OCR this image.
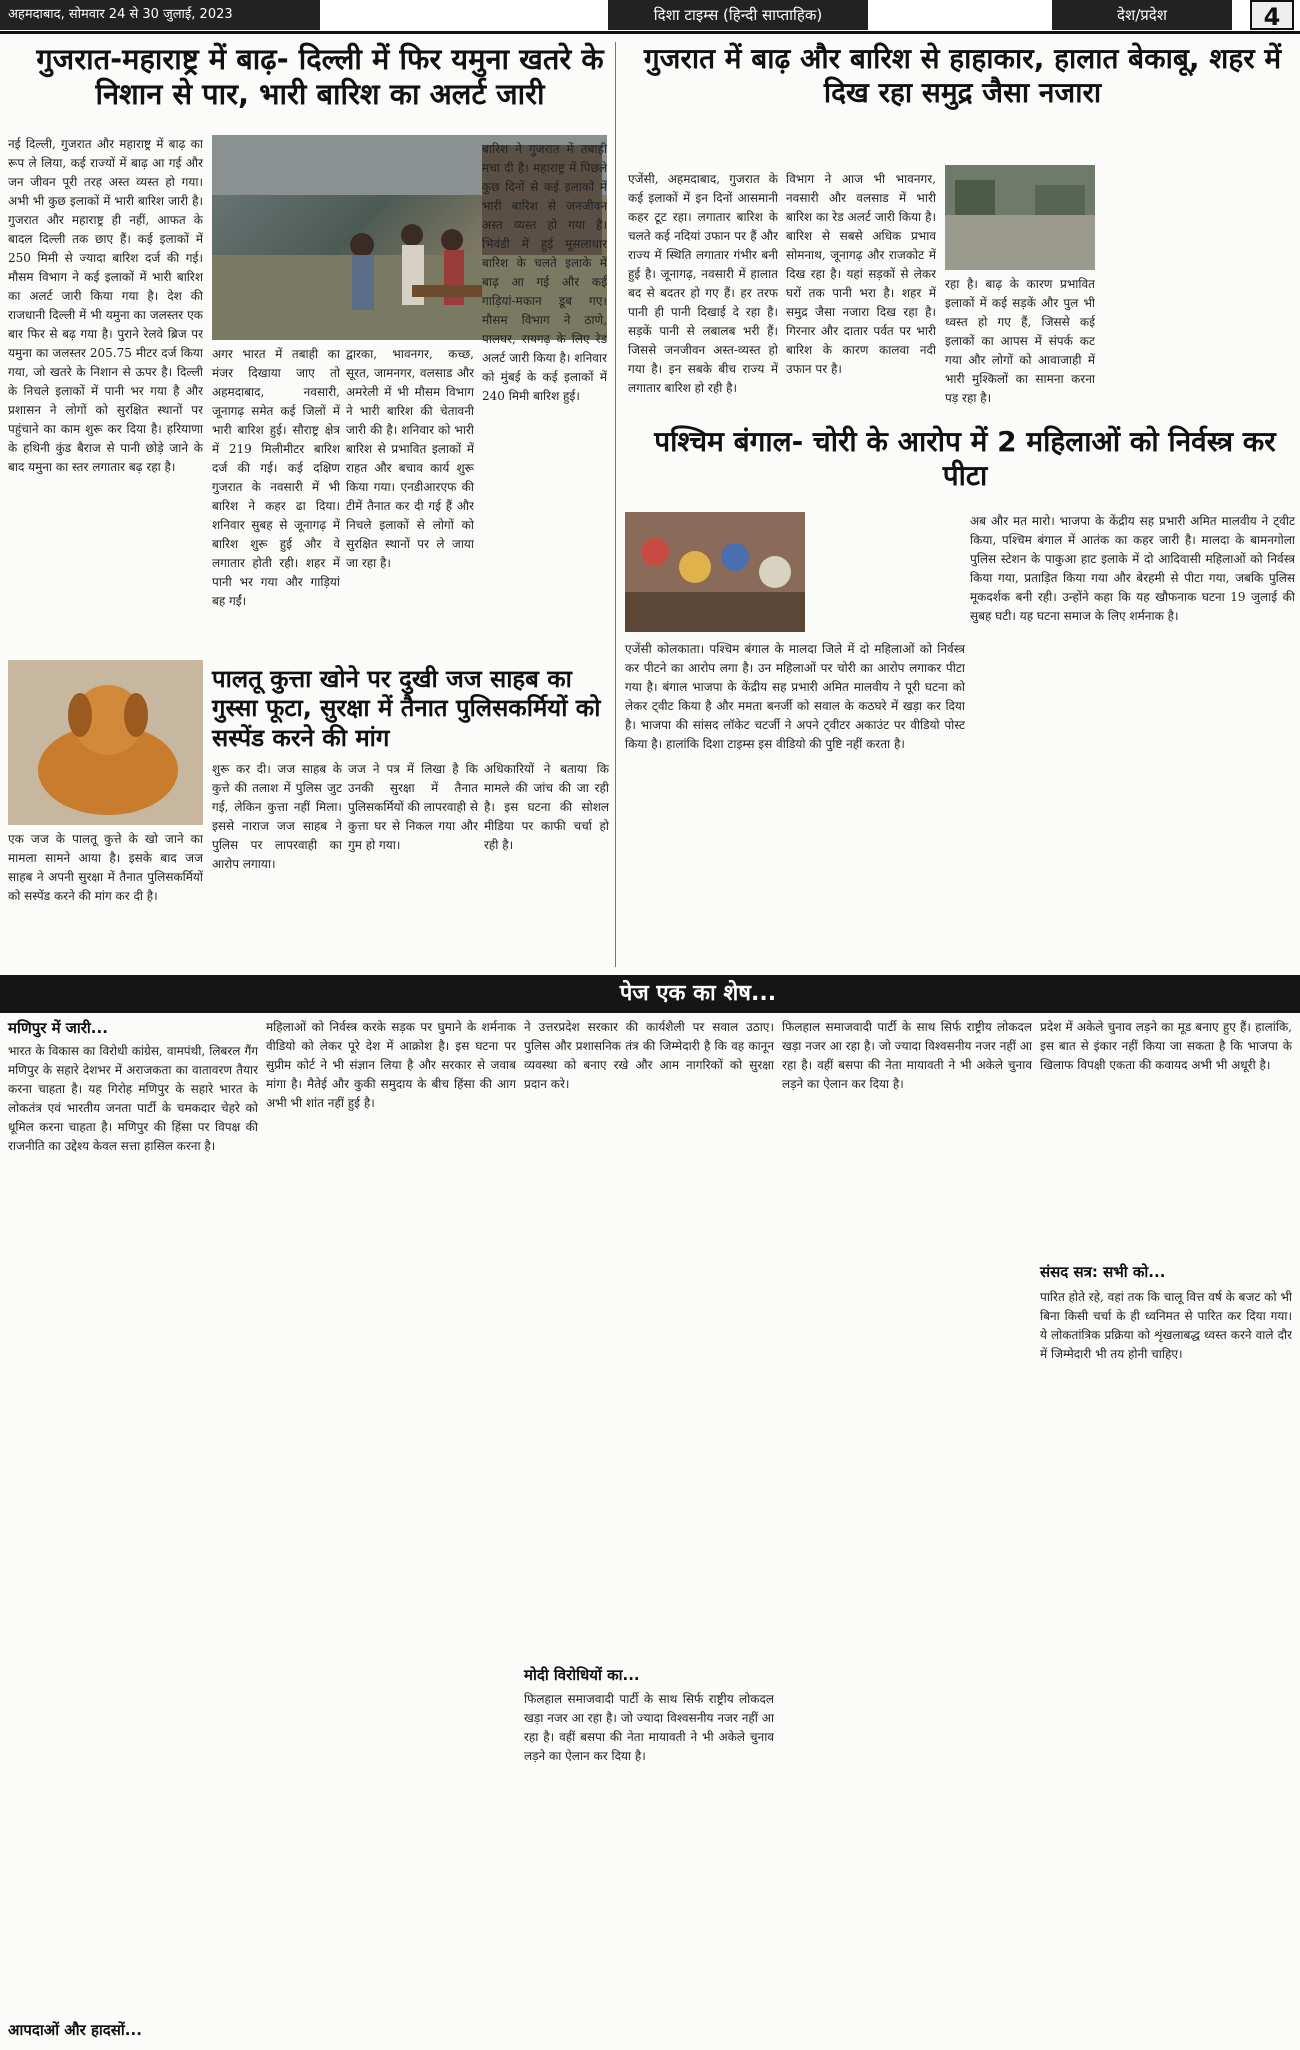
अहमदाबाद, सोमवार 24 से 30 जुलाई, 2023	दिशा टाइम्स (हिन्दी साप्ताहिक)	देश/प्रदेश	4
गुजरात-महाराष्ट्र में बाढ़- दिल्ली में फिर यमुना खतरे के निशान से पार, भारी बारिश का अलर्ट जारी
नई दिल्ली, गुजरात और महाराष्ट्र में बाढ़ का रूप ले लिया, कई राज्यों में बाढ़ आ गई और जन जीवन पूरी तरह अस्त व्यस्त हो गया। अभी भी कुछ इलाकों में भारी बारिश जारी है। गुजरात और महाराष्ट्र ही नहीं, आफत के बादल दिल्ली तक छाए हैं। कई इलाकों में 250 मिमी से ज्यादा बारिश दर्ज की गई। मौसम विभाग ने कई इलाकों में भारी बारिश का अलर्ट जारी किया गया है। देश की राजधानी दिल्ली में भी यमुना का जलस्तर एक बार फिर से बढ़ गया है। पुराने रेलवे ब्रिज पर यमुना का जलस्तर 205.75 मीटर दर्ज किया गया, जो खतरे के निशान से ऊपर है। दिल्ली के निचले इलाकों में पानी भर गया है और प्रशासन ने लोगों को सुरक्षित स्थानों पर पहुंचाने का काम शुरू कर दिया है। हरियाणा के हथिनी कुंड बैराज से पानी छोड़े जाने के बाद यमुना का स्तर लगातार बढ़ रहा है।
अगर भारत में तबाही का मंजर दिखाया जाए तो अहमदाबाद, नवसारी, जूनागढ़ समेत कई जिलों में भारी बारिश हुई। सौराष्ट्र क्षेत्र में 219 मिलीमीटर बारिश दर्ज की गई। कई दक्षिण गुजरात के नवसारी में भी बारिश ने कहर ढा दिया। शनिवार सुबह से जूनागढ़ में बारिश शुरू हुई और वे लगातार होती रही। शहर में पानी भर गया और गाड़ियां बह गईं।
द्वारका, भावनगर, कच्छ, सूरत, जामनगर, वलसाड और अमरेली में भी मौसम विभाग ने भारी बारिश की चेतावनी जारी की है। शनिवार को भारी बारिश से प्रभावित इलाकों में राहत और बचाव कार्य शुरू किया गया। एनडीआरएफ की टीमें तैनात कर दी गई हैं और निचले इलाकों से लोगों को सुरक्षित स्थानों पर ले जाया जा रहा है।
बारिश ने गुजरात में तबाही मचा दी है। महाराष्ट्र में पिछले कुछ दिनों से कई इलाकों में भारी बारिश से जनजीवन अस्त व्यस्त हो गया है। भिवंडी में हुई मूसलाधार बारिश के चलते इलाके में बाढ़ आ गई और कई गाड़ियां-मकान डूब गए। मौसम विभाग ने ठाणे, पालघर, रायगढ़ के लिए रेड अलर्ट जारी किया है। शनिवार को मुंबई के कई इलाकों में 240 मिमी बारिश हुई।
गुजरात में बाढ़ और बारिश से हाहाकार, हालात बेकाबू, शहर में दिख रहा समुद्र जैसा नजारा
एजेंसी, अहमदाबाद, गुजरात के कई इलाकों में इन दिनों आसमानी कहर टूट रहा। लगातार बारिश के चलते कई नदियां उफान पर हैं और राज्य में स्थिति लगातार गंभीर बनी हुई है। जूनागढ़, नवसारी में हालात बद से बदतर हो गए हैं। हर तरफ पानी ही पानी दिखाई दे रहा है। सड़कें पानी से लबालब भरी हैं। जिससे जनजीवन अस्त-व्यस्त हो गया है। इन सबके बीच राज्य में लगातार बारिश हो रही है।
विभाग ने आज भी भावनगर, नवसारी और वलसाड में भारी बारिश का रेड अलर्ट जारी किया है। बारिश से सबसे अधिक प्रभाव सोमनाथ, जूनागढ़ और राजकोट में दिख रहा है। यहां सड़कों से लेकर घरों तक पानी भरा है। शहर में समुद्र जैसा नजारा दिख रहा है। गिरनार और दातार पर्वत पर भारी बारिश के कारण कालवा नदी उफान पर है।
रहा है। बाढ़ के कारण प्रभावित इलाकों में कई सड़कें और पुल भी ध्वस्त हो गए हैं, जिससे कई इलाकों का आपस में संपर्क कट गया और लोगों को आवाजाही में भारी मुश्किलों का सामना करना पड़ रहा है।
पश्चिम बंगाल- चोरी के आरोप में 2 महिलाओं को निर्वस्त्र कर पीटा
एजेंसी कोलकाता। पश्चिम बंगाल के मालदा जिले में दो महिलाओं को निर्वस्त्र कर पीटने का आरोप लगा है। उन महिलाओं पर चोरी का आरोप लगाकर पीटा गया है। बंगाल भाजपा के केंद्रीय सह प्रभारी अमित मालवीय ने पूरी घटना को लेकर ट्वीट किया है और ममता बनर्जी को सवाल के कठघरे में खड़ा कर दिया है। भाजपा की सांसद लॉकेट चटर्जी ने अपने ट्वीटर अकाउंट पर वीडियो पोस्ट किया है। हालांकि दिशा टाइम्स इस वीडियो की पुष्टि नहीं करता है।
अब और मत मारो। भाजपा के केंद्रीय सह प्रभारी अमित मालवीय ने ट्वीट किया, पश्चिम बंगाल में आतंक का कहर जारी है। मालदा के बामनगोला पुलिस स्टेशन के पाकुआ हाट इलाके में दो आदिवासी महिलाओं को निर्वस्त्र किया गया, प्रताड़ित किया गया और बेरहमी से पीटा गया, जबकि पुलिस मूकदर्शक बनी रही। उन्होंने कहा कि यह खौफनाक घटना 19 जुलाई की सुबह घटी। यह घटना समाज के लिए शर्मनाक है।
पालतू कुत्ता खोने पर दुखी जज साहब का गुस्सा फूटा, सुरक्षा में तैनात पुलिसकर्मियों को सस्पेंड करने की मांग
एक जज के पालतू कुत्ते के खो जाने का मामला सामने आया है। इसके बाद जज साहब ने अपनी सुरक्षा में तैनात पुलिसकर्मियों को सस्पेंड करने की मांग कर दी है।
शुरू कर दी। जज साहब के कुत्ते की तलाश में पुलिस जुट गई, लेकिन कुत्ता नहीं मिला। इससे नाराज जज साहब ने पुलिस पर लापरवाही का आरोप लगाया।
जज ने पत्र में लिखा है कि उनकी सुरक्षा में तैनात पुलिसकर्मियों की लापरवाही से कुत्ता घर से निकल गया और गुम हो गया।
अधिकारियों ने बताया कि मामले की जांच की जा रही है। इस घटना की सोशल मीडिया पर काफी चर्चा हो रही है।
पेज एक का शेष...
मणिपुर में जारी...
भारत के विकास का विरोधी कांग्रेस, वामपंथी, लिबरल गैंग मणिपुर के सहारे देशभर में अराजकता का वातावरण तैयार करना चाहता है। यह गिरोह मणिपुर के सहारे भारत के लोकतंत्र एवं भारतीय जनता पार्टी के चमकदार चेहरे को धूमिल करना चाहता है। मणिपुर की हिंसा पर विपक्ष की राजनीति का उद्देश्य केवल सत्ता हासिल करना है।
आपदाओं और हादसों...
महिलाओं को निर्वस्त्र करके सड़क पर घुमाने के शर्मनाक वीडियो को लेकर पूरे देश में आक्रोश है। इस घटना पर सुप्रीम कोर्ट ने भी संज्ञान लिया है और सरकार से जवाब मांगा है। मैतेई और कुकी समुदाय के बीच हिंसा की आग अभी भी शांत नहीं हुई है।
ने उत्तरप्रदेश सरकार की कार्यशैली पर सवाल उठाए। पुलिस और प्रशासनिक तंत्र की जिम्मेदारी है कि वह कानून व्यवस्था को बनाए रखे और आम नागरिकों को सुरक्षा प्रदान करे।
मोदी विरोधियों का...
फिलहाल समाजवादी पार्टी के साथ सिर्फ राष्ट्रीय लोकदल खड़ा नजर आ रहा है। जो ज्यादा विश्वसनीय नजर नहीं आ रहा है। वहीं बसपा की नेता मायावती ने भी अकेले चुनाव लड़ने का ऐलान कर दिया है।
फिलहाल समाजवादी पार्टी के साथ सिर्फ राष्ट्रीय लोकदल खड़ा नजर आ रहा है। जो ज्यादा विश्वसनीय नजर नहीं आ रहा है। वहीं बसपा की नेता मायावती ने भी अकेले चुनाव लड़ने का ऐलान कर दिया है।
प्रदेश में अकेले चुनाव लड़ने का मूड बनाए हुए हैं। हालांकि, इस बात से इंकार नहीं किया जा सकता है कि भाजपा के खिलाफ विपक्षी एकता की कवायद अभी भी अधूरी है।
संसद सत्र: सभी को...
पारित होते रहे, वहां तक कि चालू वित्त वर्ष के बजट को भी बिना किसी चर्चा के ही ध्वनिमत से पारित कर दिया गया। ये लोकतांत्रिक प्रक्रिया को शृंखलाबद्ध ध्वस्त करने वाले दौर में जिम्मेदारी भी तय होनी चाहिए।
